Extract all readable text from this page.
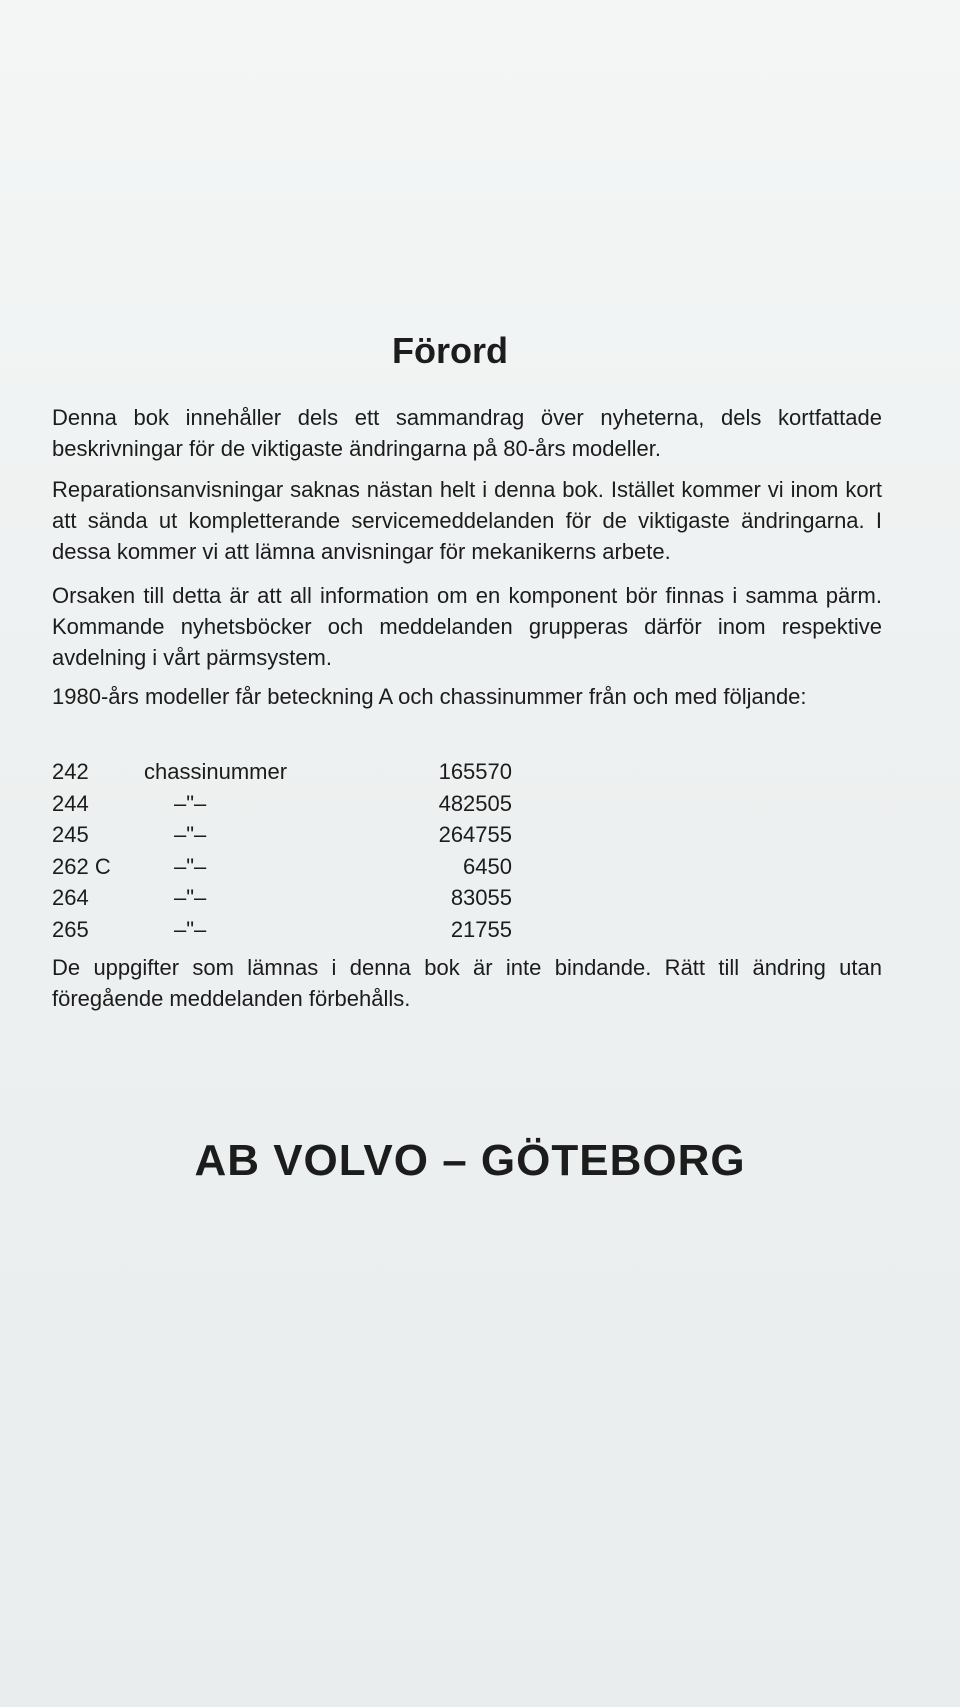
Förord

Denna bok innehåller dels ett sammandrag över nyheterna, dels kortfattade beskrivningar för de viktigaste ändringarna på 80-års modeller.

Reparationsanvisningar saknas nästan helt i denna bok. Istället kommer vi inom kort att sända ut kompletterande servicemeddelanden för de viktigaste ändringarna. I dessa kommer vi att lämna anvisningar för mekanikerns arbete.

Orsaken till detta är att all information om en komponent bör finnas i samma pärm. Kommande nyhetsböcker och meddelanden grupperas därför inom respektive avdelning i vårt pärmsystem.

1980-års modeller får beteckning A och chassinummer från och med följande:

242	chassinummer	165570
244	–"–	482505
245	–"–	264755
262 C	–"–	6450
264	–"–	83055
265	–"–	21755

De uppgifter som lämnas i denna bok är inte bindande. Rätt till ändring utan föregående meddelanden förbehålls.

AB VOLVO – GÖTEBORG
